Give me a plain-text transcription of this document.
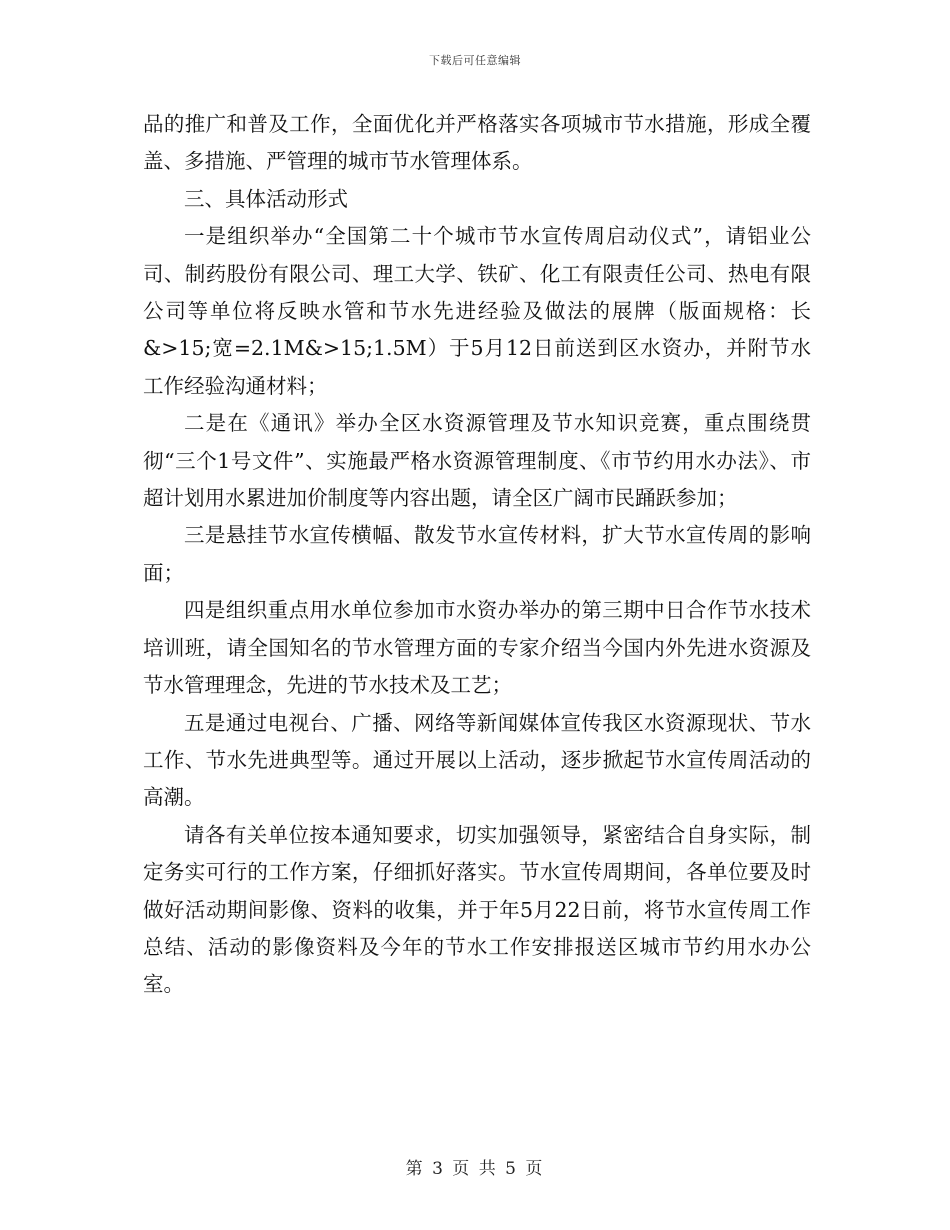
下载后可任意编辑

品的推广和普及工作，全面优化并严格落实各项城市节水措施，形成全覆盖、多措施、严管理的城市节水管理体系。

三、具体活动形式

一是组织举办“全国第二十个城市节水宣传周启动仪式”，请铝业公司、制药股份有限公司、理工大学、铁矿、化工有限责任公司、热电有限公司等单位将反映水管和节水先进经验及做法的展牌（版面规格：长&>15;宽=2.1M&>15;1.5M）于5月12日前送到区水资办，并附节水工作经验沟通材料；

二是在《通讯》举办全区水资源管理及节水知识竞赛，重点围绕贯彻“三个1号文件”、实施最严格水资源管理制度、《市节约用水办法》、市超计划用水累进加价制度等内容出题，请全区广阔市民踊跃参加；

三是悬挂节水宣传横幅、散发节水宣传材料，扩大节水宣传周的影响面；

四是组织重点用水单位参加市水资办举办的第三期中日合作节水技术培训班，请全国知名的节水管理方面的专家介绍当今国内外先进水资源及节水管理理念，先进的节水技术及工艺；

五是通过电视台、广播、网络等新闻媒体宣传我区水资源现状、节水工作、节水先进典型等。通过开展以上活动，逐步掀起节水宣传周活动的高潮。

请各有关单位按本通知要求，切实加强领导，紧密结合自身实际，制定务实可行的工作方案，仔细抓好落实。节水宣传周期间，各单位要及时做好活动期间影像、资料的收集，并于年5月22日前，将节水宣传周工作总结、活动的影像资料及今年的节水工作安排报送区城市节约用水办公室。

第 3 页 共 5 页
